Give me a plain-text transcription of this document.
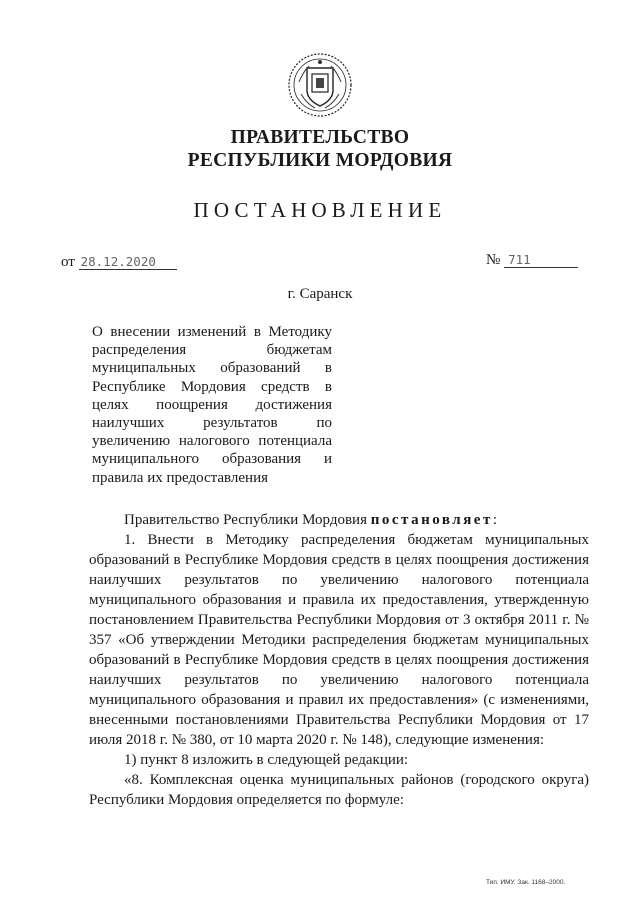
ПРАВИТЕЛЬСТВО
РЕСПУБЛИКИ МОРДОВИЯ
ПОСТАНОВЛЕНИЕ
от 28.12.2020	№ 711
г. Саранск
О внесении изменений в Методику распределения бюджетам муниципальных образований в Республике Мордовия средств в целях поощрения достижения наилучших результатов по увеличению налогового потенциала муниципального образования и правила их предоставления

Правительство Республики Мордовия постановляет:

1. Внести в Методику распределения бюджетам муниципальных образований в Республике Мордовия средств в целях поощрения достижения наилучших результатов по увеличению налогового потенциала муниципального образования и правила их предоставления, утвержденную постановлением Правительства Республики Мордовия от 3 октября 2011 г. № 357 «Об утверждении Методики распределения бюджетам муниципальных образований в Республике Мордовия средств в целях поощрения достижения наилучших результатов по увеличению налогового потенциала муниципального образования и правил их предоставления» (с изменениями, внесенными постановлениями Правительства Республики Мордовия от 17 июля 2018 г. № 380, от 10 марта 2020 г. № 148), следующие изменения:

1) пункт 8 изложить в следующей редакции:

«8. Комплексная оценка муниципальных районов (городского округа) Республики Мордовия определяется по формуле:

Тип. ИМУ. Зак. 1168–2000.
